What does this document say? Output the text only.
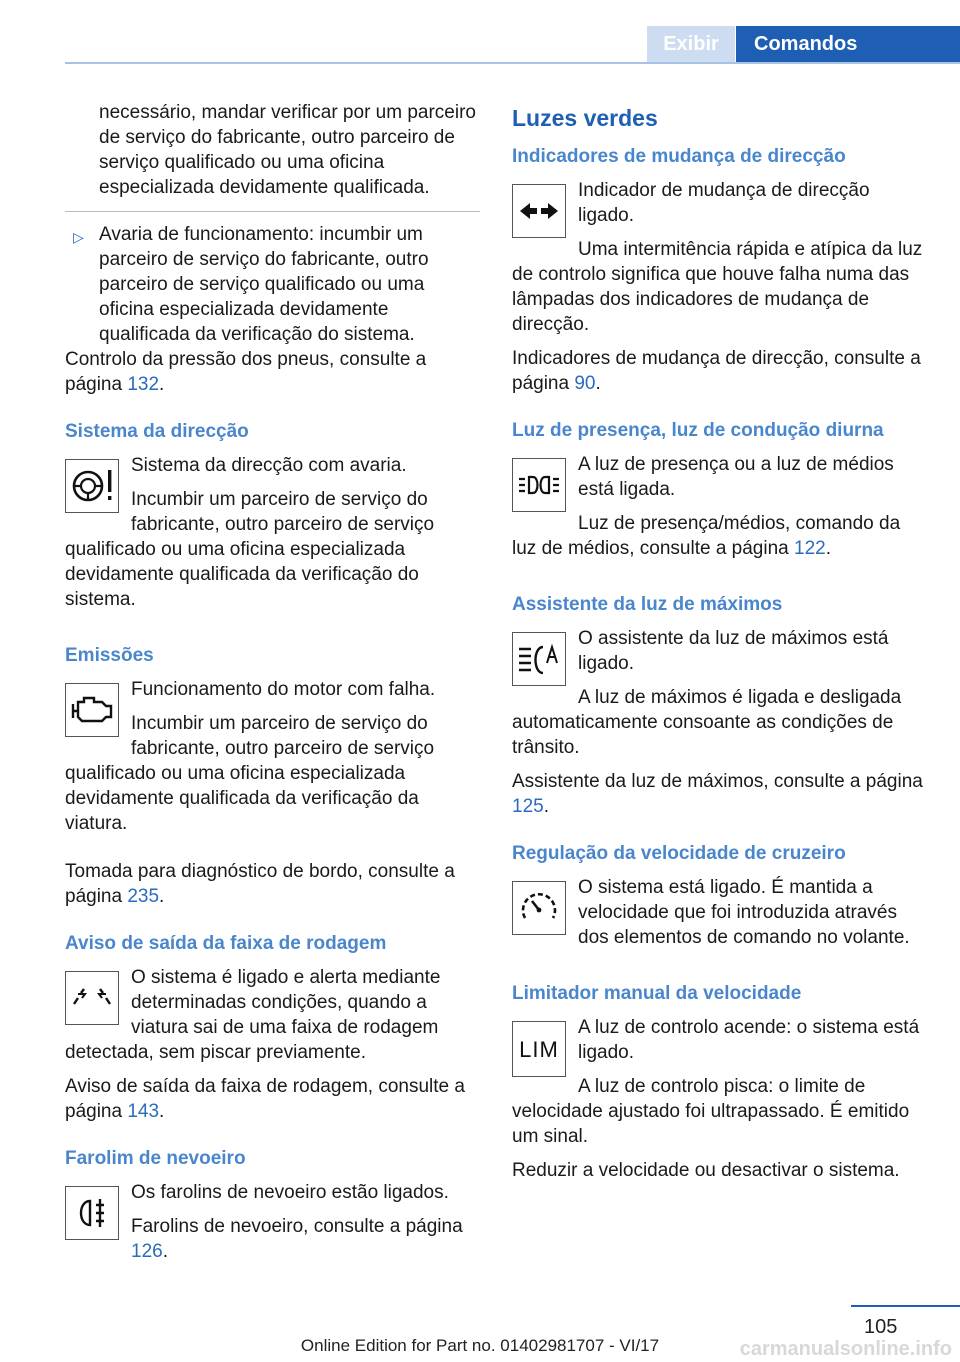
Exibir	Comandos

necessário, mandar verificar por um parceiro de serviço do fabricante, outro parceiro de serviço qualificado ou uma oficina especializada devidamente qualificada.

▷ Avaria de funcionamento: incumbir um parceiro de serviço do fabricante, outro parceiro de serviço qualificado ou uma oficina especializada devidamente qualificada da verificação do sistema.

Controlo da pressão dos pneus, consulte a página 132.

Sistema da direcção

Sistema da direcção com avaria.

Incumbir um parceiro de serviço do fabricante, outro parceiro de serviço qualificado ou uma oficina especializada devidamente qualificada da verificação do sistema.

Emissões

Funcionamento do motor com falha.

Incumbir um parceiro de serviço do fabricante, outro parceiro de serviço qualificado ou uma oficina especializada devidamente qualificada da verificação da viatura.

Tomada para diagnóstico de bordo, consulte a página 235.

Aviso de saída da faixa de rodagem

O sistema é ligado e alerta mediante determinadas condições, quando a viatura sai de uma faixa de rodagem detectada, sem piscar previamente.

Aviso de saída da faixa de rodagem, consulte a página 143.

Farolim de nevoeiro

Os farolins de nevoeiro estão ligados.

Farolins de nevoeiro, consulte a página 126.

Luzes verdes
Indicadores de mudança de direcção

Indicador de mudança de direcção ligado.

Uma intermitência rápida e atípica da luz de controlo significa que houve falha numa das lâmpadas dos indicadores de mudança de direcção.

Indicadores de mudança de direcção, consulte a página 90.

Luz de presença, luz de condução diurna

A luz de presença ou a luz de médios está ligada.

Luz de presença/médios, comando da luz de médios, consulte a página 122.

Assistente da luz de máximos

O assistente da luz de máximos está ligado.

A luz de máximos é ligada e desligada automaticamente consoante as condições de trânsito.

Assistente da luz de máximos, consulte a página 125.

Regulação da velocidade de cruzeiro

O sistema está ligado. É mantida a velocidade que foi introduzida através dos elementos de comando no volante.

Limitador manual da velocidade
LIM

A luz de controlo acende: o sistema está ligado.

A luz de controlo pisca: o limite de velocidade ajustado foi ultrapassado. É emitido um sinal.

Reduzir a velocidade ou desactivar o sistema.

105
carmanualsonline.info
Online Edition for Part no. 01402981707 - VI/17
